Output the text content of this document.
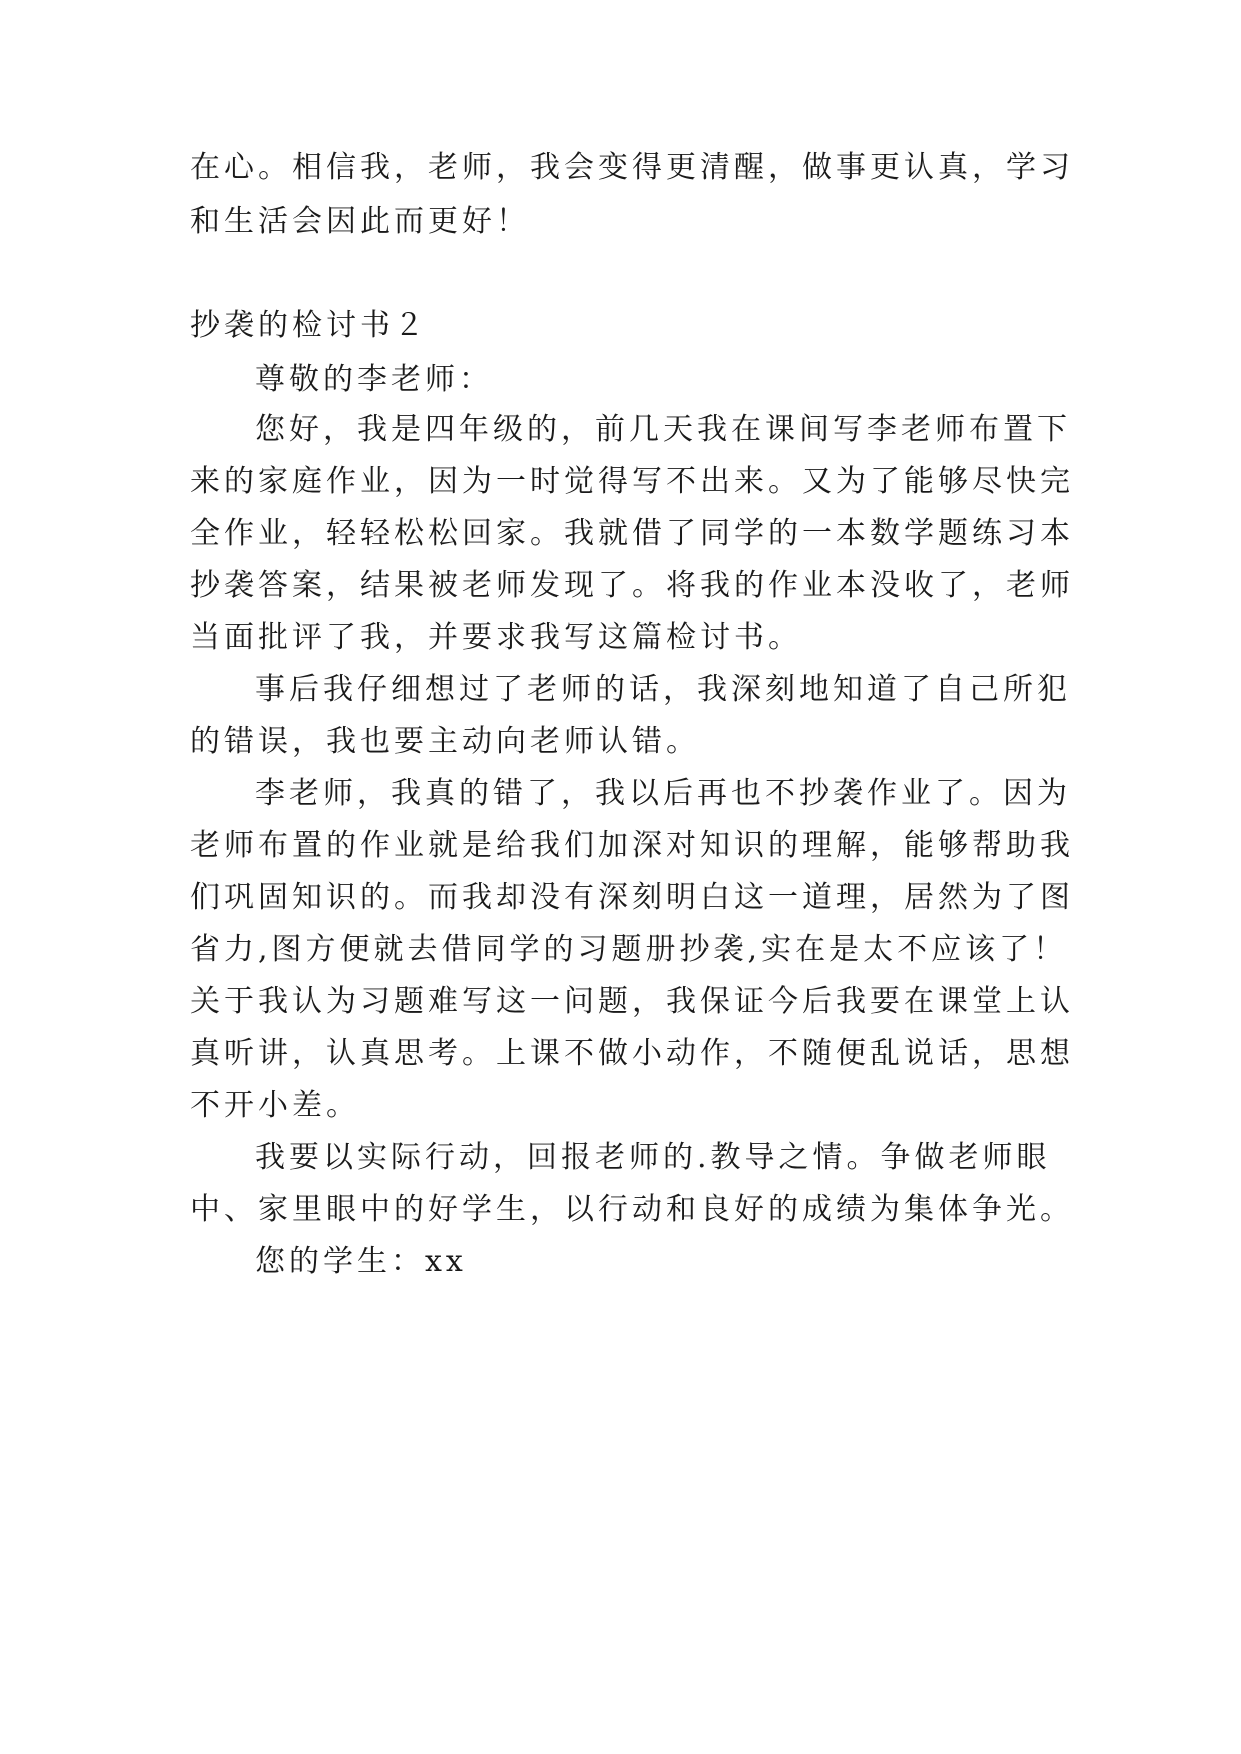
在心。相信我，老师，我会变得更清醒，做事更认真，学习

和生活会因此而更好！

抄袭的检讨书２

尊敬的李老师：

您好，我是四年级的，前几天我在课间写李老师布置下

来的家庭作业，因为一时觉得写不出来。又为了能够尽快完

全作业，轻轻松松回家。我就借了同学的一本数学题练习本

抄袭答案，结果被老师发现了。将我的作业本没收了，老师

当面批评了我，并要求我写这篇检讨书。

事后我仔细想过了老师的话，我深刻地知道了自己所犯

的错误，我也要主动向老师认错。

李老师，我真的错了，我以后再也不抄袭作业了。因为

老师布置的作业就是给我们加深对知识的理解，能够帮助我

们巩固知识的。而我却没有深刻明白这一道理，居然为了图

省力,图方便就去借同学的习题册抄袭,实在是太不应该了！

关于我认为习题难写这一问题，我保证今后我要在课堂上认

真听讲，认真思考。上课不做小动作，不随便乱说话，思想

不开小差。

我要以实际行动，回报老师的.教导之情。争做老师眼

中、家里眼中的好学生，以行动和良好的成绩为集体争光。

您的学生：xx
